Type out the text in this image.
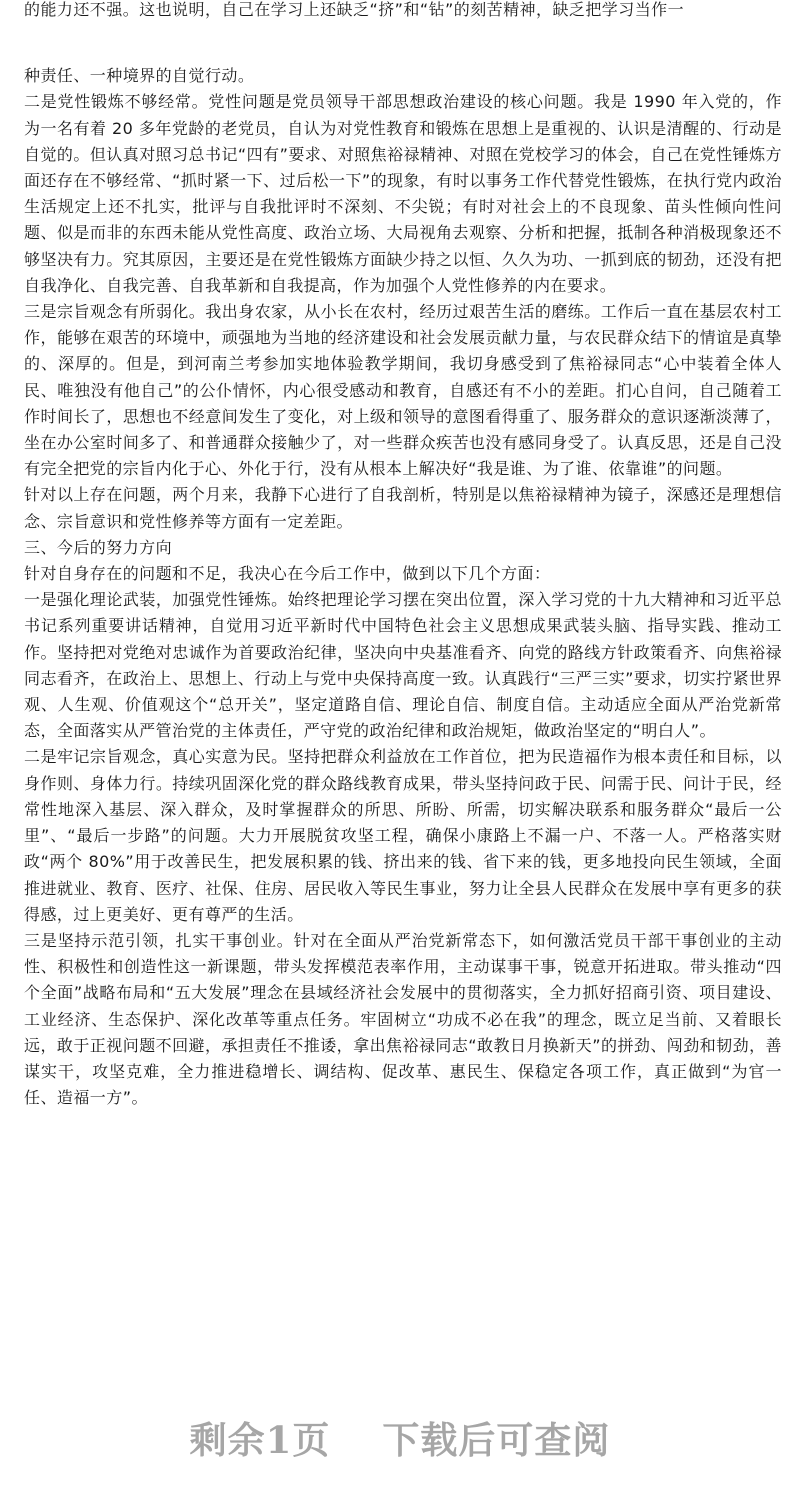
的能力还不强。这也说明，自己在学习上还缺乏“挤”和“钻”的刻苦精神，缺乏把学习当作一

种责任、一种境界的自觉行动。

二是党性锻炼不够经常。党性问题是党员领导干部思想政治建设的核心问题。我是 1990 年入党的，作为一名有着 20 多年党龄的老党员，自认为对党性教育和锻炼在思想上是重视的、认识是清醒的、行动是自觉的。但认真对照习总书记“四有”要求、对照焦裕禄精神、对照在党校学习的体会，自己在党性锤炼方面还存在不够经常、“抓时紧一下、过后松一下”的现象，有时以事务工作代替党性锻炼，在执行党内政治生活规定上还不扎实，批评与自我批评时不深刻、不尖锐；有时对社会上的不良现象、苗头性倾向性问题、似是而非的东西未能从党性高度、政治立场、大局视角去观察、分析和把握，抵制各种消极现象还不够坚决有力。究其原因，主要还是在党性锻炼方面缺少持之以恒、久久为功、一抓到底的韧劲，还没有把自我净化、自我完善、自我革新和自我提高，作为加强个人党性修养的内在要求。

三是宗旨观念有所弱化。我出身农家，从小长在农村，经历过艰苦生活的磨练。工作后一直在基层农村工作，能够在艰苦的环境中，顽强地为当地的经济建设和社会发展贡献力量，与农民群众结下的情谊是真挚的、深厚的。但是，到河南兰考参加实地体验教学期间，我切身感受到了焦裕禄同志“心中装着全体人民、唯独没有他自己”的公仆情怀，内心很受感动和教育，自感还有不小的差距。扪心自问，自己随着工作时间长了，思想也不经意间发生了变化，对上级和领导的意图看得重了、服务群众的意识逐渐淡薄了，坐在办公室时间多了、和普通群众接触少了，对一些群众疾苦也没有感同身受了。认真反思，还是自己没有完全把党的宗旨内化于心、外化于行，没有从根本上解决好“我是谁、为了谁、依靠谁”的问题。

针对以上存在问题，两个月来，我静下心进行了自我剖析，特别是以焦裕禄精神为镜子，深感还是理想信念、宗旨意识和党性修养等方面有一定差距。

三、今后的努力方向

针对自身存在的问题和不足，我决心在今后工作中，做到以下几个方面：

一是强化理论武装，加强党性锤炼。始终把理论学习摆在突出位置，深入学习党的十九大精神和习近平总书记系列重要讲话精神，自觉用习近平新时代中国特色社会主义思想成果武装头脑、指导实践、推动工作。坚持把对党绝对忠诚作为首要政治纪律，坚决向中央基准看齐、向党的路线方针政策看齐、向焦裕禄同志看齐，在政治上、思想上、行动上与党中央保持高度一致。认真践行“三严三实”要求，切实拧紧世界观、人生观、价值观这个“总开关”，坚定道路自信、理论自信、制度自信。主动适应全面从严治党新常态，全面落实从严管治党的主体责任，严守党的政治纪律和政治规矩，做政治坚定的“明白人”。

二是牢记宗旨观念，真心实意为民。坚持把群众利益放在工作首位，把为民造福作为根本责任和目标，以身作则、身体力行。持续巩固深化党的群众路线教育成果，带头坚持问政于民、问需于民、问计于民，经常性地深入基层、深入群众，及时掌握群众的所思、所盼、所需，切实解决联系和服务群众“最后一公里”、“最后一步路”的问题。大力开展脱贫攻坚工程，确保小康路上不漏一户、不落一人。严格落实财政“两个 80%”用于改善民生，把发展积累的钱、挤出来的钱、省下来的钱，更多地投向民生领域，全面推进就业、教育、医疗、社保、住房、居民收入等民生事业，努力让全县人民群众在发展中享有更多的获得感，过上更美好、更有尊严的生活。

三是坚持示范引领，扎实干事创业。针对在全面从严治党新常态下，如何激活党员干部干事创业的主动性、积极性和创造性这一新课题，带头发挥模范表率作用，主动谋事干事，锐意开拓进取。带头推动“四个全面”战略布局和“五大发展”理念在县域经济社会发展中的贯彻落实，全力抓好招商引资、项目建设、工业经济、生态保护、深化改革等重点任务。牢固树立“功成不必在我”的理念，既立足当前、又着眼长远，敢于正视问题不回避，承担责任不推诿，拿出焦裕禄同志“敢教日月换新天”的拼劲、闯劲和韧劲，善谋实干，攻坚克难，全力推进稳增长、调结构、促改革、惠民生、保稳定各项工作，真正做到“为官一任、造福一方”。

剩余1页 下载后可查阅
